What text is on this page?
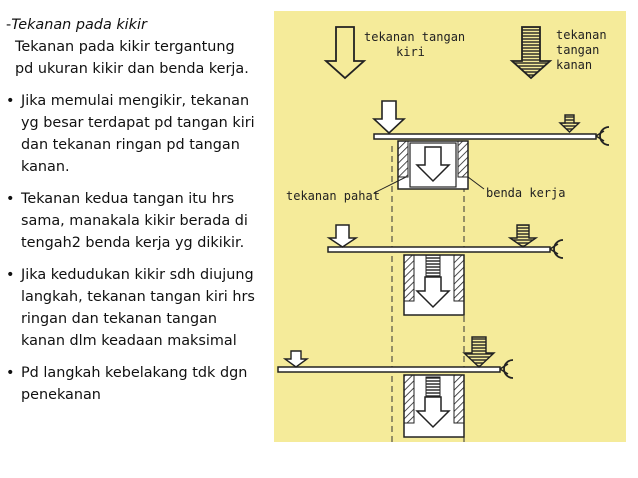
-Tekanan pada kikir

Tekanan pada kikir tergantung
pd ukuran kikir dan benda kerja.
• Jika memulai mengikir, tekanan
yg besar terdapat pd tangan kiri
dan tekanan ringan pd tangan
kanan.
• Tekanan kedua tangan itu hrs
sama, manakala kikir berada di
tengah2 benda kerja yg dikikir.
• Jika kedudukan kikir sdh diujung
langkah, tekanan tangan kiri hrs
ringan dan tekanan tangan
kanan dlm keadaan maksimal
• Pd langkah kebelakang tdk dgn
penekanan
tekanan tangan
kiri
tekanan
tangan
kanan
tekanan pahat	benda kerja
